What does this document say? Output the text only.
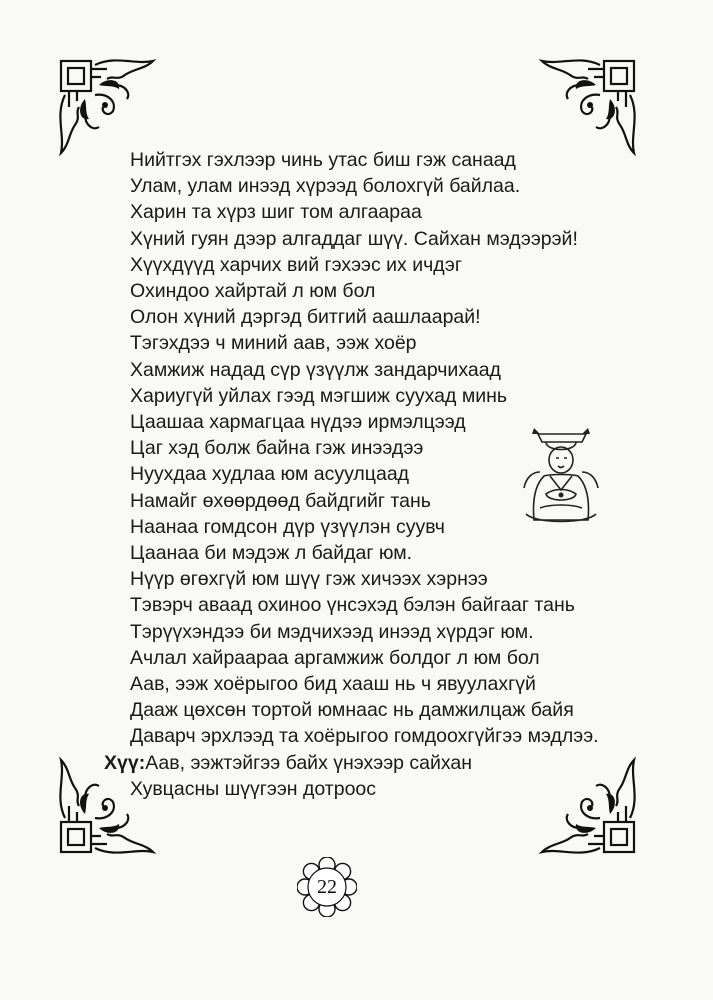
Нийтгэх гэхлээр чинь утас биш гэж санаад
Улам, улам инээд хүрээд болохгүй байлаа.
Харин та хүрз шиг том алгаараа
Хүний гуян дээр алгаддаг шүү. Сайхан мэдээрэй!
Хүүхдүүд харчих вий гэхээс их ичдэг
Охиндоо хайртай л юм бол
Олон хүний дэргэд битгий аашлаарай!
Тэгэхдээ ч миний аав, ээж хоёр
Хамжиж надад сүр үзүүлж зандарчихаад
Хариугүй уйлах гээд мэгшиж суухад минь
Цаашаа хармагцаа нүдээ ирмэлцээд
Цаг хэд болж байна гэж инээдээ
Нуухдаа худлаа юм асуулцаад
Намайг өхөөрдөөд байдгийг тань
Наанаа гомдсон дүр үзүүлэн суувч
Цаанаа би мэдэж л байдаг юм.
Нүүр өгөхгүй юм шүү гэж хичээх хэрнээ
Тэвэрч аваад охиноо үнсэхэд бэлэн байгааг тань
Тэрүүхэндээ би мэдчихээд инээд хүрдэг юм.
Ачлал хайраараа аргамжиж болдог л юм бол
Аав, ээж хоёрыгоо бид хааш нь ч явуулахгүй
Дааж цөхсөн тортой юмнаас нь дамжилцаж байя
Даварч эрхлээд та хоёрыгоо гомдоохгүйгээ мэдлээ.
Хүү:Аав, ээжтэйгээ байх үнэхээр сайхан
Хувцасны шүүгээн дотроос
22
